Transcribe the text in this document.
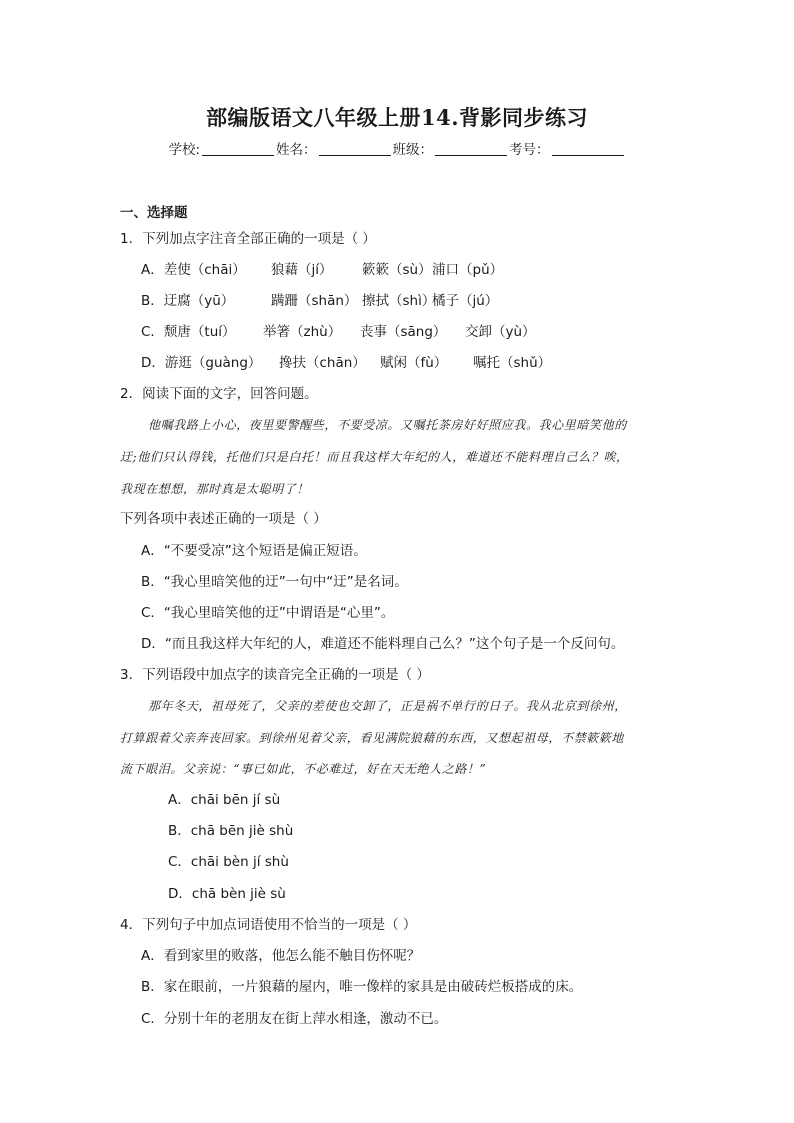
部编版语文八年级上册14.背影同步练习
学校:	姓名：	班级：	考号：
一、选择题
1．下列加点字注音全部正确的一项是（ ）
A．差使（chāi） 狼藉（jí） 簌簌（sù）浦口（pǔ）
B．迂腐（yū）	蹒跚（shān） 擦拭（shì）橘子（jú）
C．颓唐（tuí） 举箸（zhù） 丧事（sāng） 交卸（yù）
D．游逛（guàng） 搀扶（chān） 赋闲（fù） 嘱托（shǔ）
2．阅读下面的文字，回答问题。
他嘱我路上小心，夜里要警醒些，不要受凉。又嘱托茶房好好照应我。我心里暗笑他的
迂;他们只认得钱，托他们只是白托！而且我这样大年纪的人，难道还不能料理自己么？唉，
我现在想想，那时真是太聪明了！
下列各项中表述正确的一项是（ ）
A．“不要受凉”这个短语是偏正短语。
B．“我心里暗笑他的迂”一句中“迂”是名词。
C．“我心里暗笑他的迂”中谓语是“心里”。
D．“而且我这样大年纪的人，难道还不能料理自己么？”这个句子是一个反问句。
3．下列语段中加点字的读音完全正确的一项是（ ）
那年冬天，祖母死了，父亲的差使也交卸了，正是祸不单行的日子。我从北京到徐州，
打算跟着父亲奔丧回家。到徐州见着父亲，看见满院狼藉的东西，又想起祖母，不禁簌簌地
流下眼泪。父亲说：“事已如此，不必难过，好在天无绝人之路！”
A．chāi bēn jí sù
B．chā bēn jiè shù
C．chāi bèn jí shù
D．chā bèn jiè sù
4．下列句子中加点词语使用不恰当的一项是（ ）
A．看到家里的败落，他怎么能不触目伤怀呢？
B．家在眼前，一片狼藉的屋内，唯一像样的家具是由破砖烂板搭成的床。
C．分别十年的老朋友在街上萍水相逢，激动不已。
